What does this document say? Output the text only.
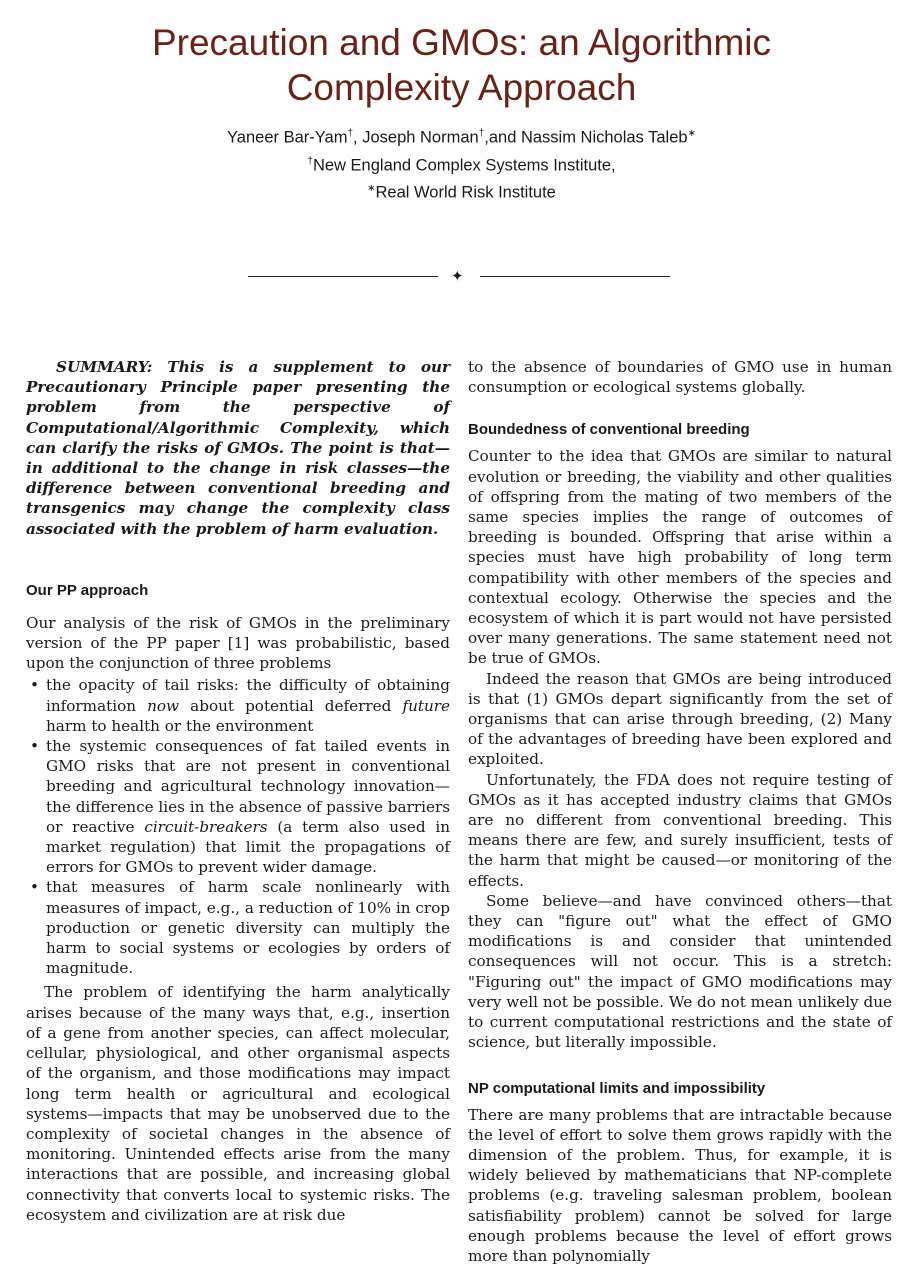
Precaution and GMOs: an Algorithmic
Complexity Approach
Yaneer Bar-Yam†, Joseph Norman†,and Nassim Nicholas Taleb∗
†New England Complex Systems Institute,
∗Real World Risk Institute
✦

SUMMARY: This is a supplement to our Precautionary Principle paper presenting the problem from the perspective of Computational/Algorithmic Complexity, which can clarify the risks of GMOs. The point is that—in additional to the change in risk classes—the difference between conventional breeding and transgenics may change the complexity class associated with the problem of harm evaluation.

Our PP approach

Our analysis of the risk of GMOs in the preliminary version of the PP paper [1] was probabilistic, based upon the conjunction of three problems

• the opacity of tail risks: the difficulty of obtaining information now about potential deferred future harm to health or the environment
• the systemic consequences of fat tailed events in GMO risks that are not present in conventional breeding and agricultural technology innovation—the difference lies in the absence of passive barriers or reactive circuit-breakers (a term also used in market regulation) that limit the propagations of errors for GMOs to prevent wider damage.
• that measures of harm scale nonlinearly with measures of impact, e.g., a reduction of 10% in crop production or genetic diversity can multiply the harm to social systems or ecologies by orders of magnitude.

The problem of identifying the harm analytically arises because of the many ways that, e.g., insertion of a gene from another species, can affect molecular, cellular, physiological, and other organismal aspects of the organism, and those modifications may impact long term health or agricultural and ecological systems—impacts that may be unobserved due to the complexity of societal changes in the absence of monitoring. Unintended effects arise from the many interactions that are possible, and increasing global connectivity that converts local to systemic risks. The ecosystem and civilization are at risk due

to the absence of boundaries of GMO use in human consumption or ecological systems globally.

Boundedness of conventional breeding

Counter to the idea that GMOs are similar to natural evolution or breeding, the viability and other qualities of offspring from the mating of two members of the same species implies the range of outcomes of breeding is bounded. Offspring that arise within a species must have high probability of long term compatibility with other members of the species and contextual ecology. Otherwise the species and the ecosystem of which it is part would not have persisted over many generations. The same statement need not be true of GMOs.

Indeed the reason that GMOs are being introduced is that (1) GMOs depart significantly from the set of organisms that can arise through breeding, (2) Many of the advantages of breeding have been explored and exploited.

Unfortunately, the FDA does not require testing of GMOs as it has accepted industry claims that GMOs are no different from conventional breeding. This means there are few, and surely insufficient, tests of the harm that might be caused—or monitoring of the effects.

Some believe—and have convinced others—that they can "figure out" what the effect of GMO modifications is and consider that unintended consequences will not occur. This is a stretch: "Figuring out" the impact of GMO modifications may very well not be possible. We do not mean unlikely due to current computational restrictions and the state of science, but literally impossible.

NP computational limits and impossibility

There are many problems that are intractable because the level of effort to solve them grows rapidly with the dimension of the problem. Thus, for example, it is widely believed by mathematicians that NP-complete problems (e.g. traveling salesman problem, boolean satisfiability problem) cannot be solved for large enough problems because the level of effort grows more than polynomially
